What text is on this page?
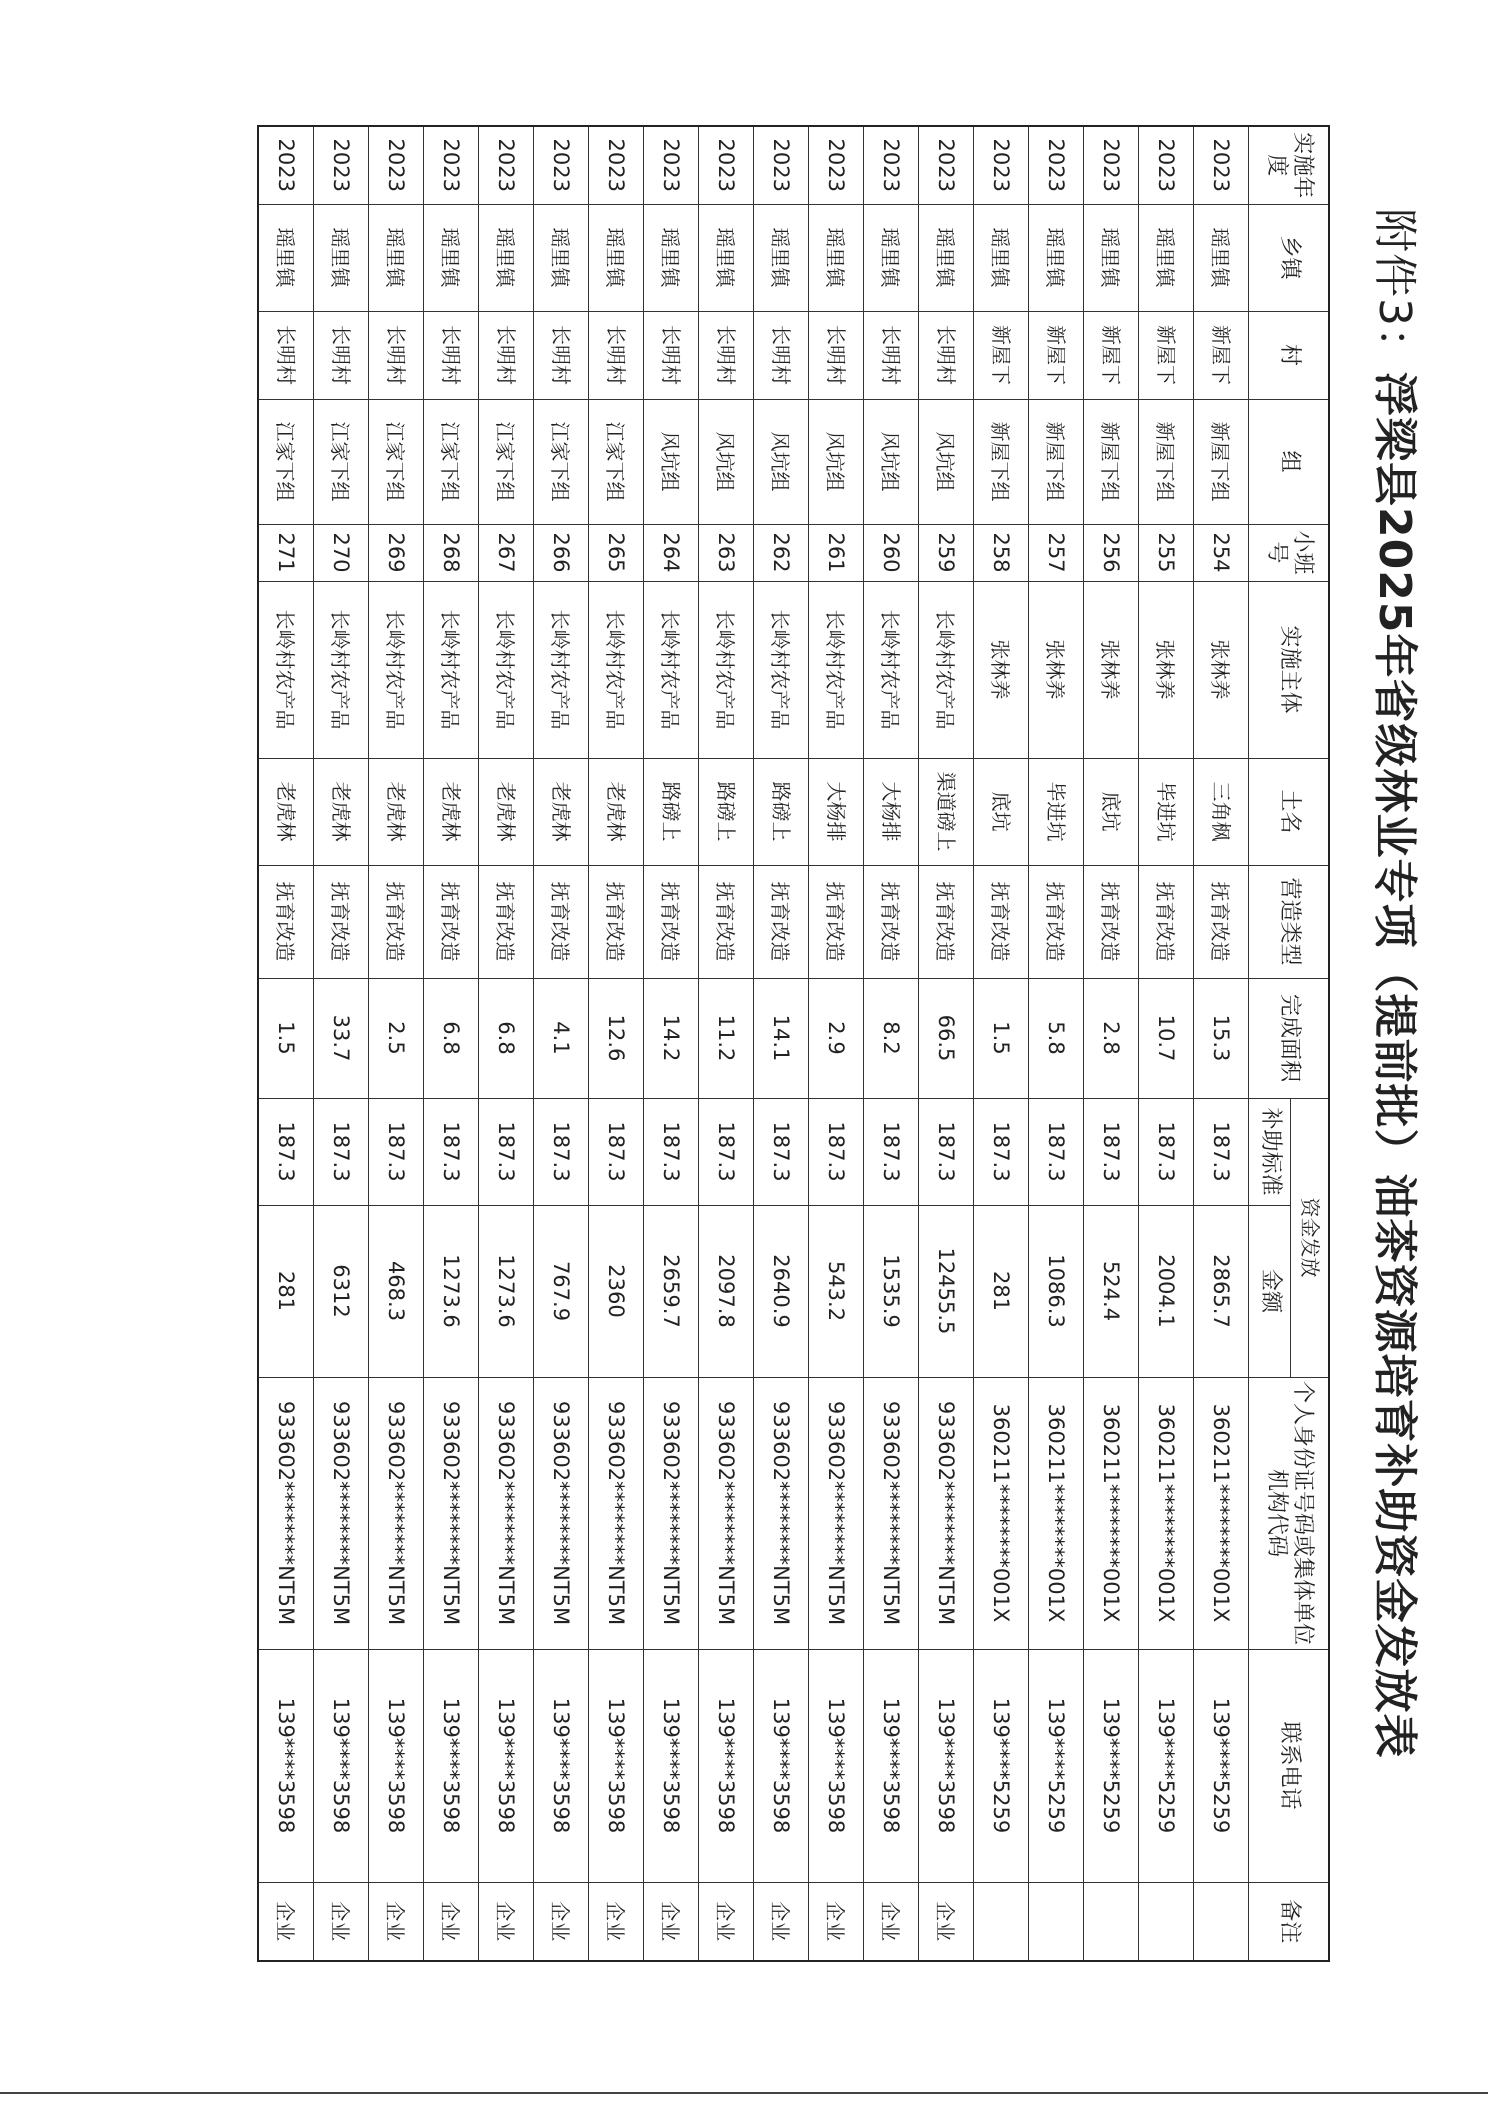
附件3：浮梁县2025年省级林业专项（提前批）油茶资源培育补助资金发放表
实施年度	乡镇	村	组	小班号	实施主体	土名	营造类型	完成面积	资金发放		个人身份证号码或集体单位机构代码	联系电话	备注
									补助标准	金额			
2023	瑶里镇	新屋下	新屋下组	254	张林养	三角枫	抚育改造	15.3	187.3	2865.7	360211********001X	139****5259	
2023	瑶里镇	新屋下	新屋下组	255	张林养	毕进坑	抚育改造	10.7	187.3	2004.1	360211********001X	139****5259	
2023	瑶里镇	新屋下	新屋下组	256	张林养	底坑	抚育改造	2.8	187.3	524.4	360211********001X	139****5259	
2023	瑶里镇	新屋下	新屋下组	257	张林养	毕进坑	抚育改造	5.8	187.3	1086.3	360211********001X	139****5259	
2023	瑶里镇	新屋下	新屋下组	258	张林养	底坑	抚育改造	1.5	187.3	281	360211********001X	139****5259	
2023	瑶里镇	长明村	风坑组	259	长岭村农产品	渠道磅上	抚育改造	66.5	187.3	12455.5	933602********NT5M	139****3598	企业
2023	瑶里镇	长明村	风坑组	260	长岭村农产品	大杨排	抚育改造	8.2	187.3	1535.9	933602********NT5M	139****3598	企业
2023	瑶里镇	长明村	风坑组	261	长岭村农产品	大杨排	抚育改造	2.9	187.3	543.2	933602********NT5M	139****3598	企业
2023	瑶里镇	长明村	风坑组	262	长岭村农产品	路磅上	抚育改造	14.1	187.3	2640.9	933602********NT5M	139****3598	企业
2023	瑶里镇	长明村	风坑组	263	长岭村农产品	路磅上	抚育改造	11.2	187.3	2097.8	933602********NT5M	139****3598	企业
2023	瑶里镇	长明村	风坑组	264	长岭村农产品	路磅上	抚育改造	14.2	187.3	2659.7	933602********NT5M	139****3598	企业
2023	瑶里镇	长明村	江家下组	265	长岭村农产品	老虎林	抚育改造	12.6	187.3	2360	933602********NT5M	139****3598	企业
2023	瑶里镇	长明村	江家下组	266	长岭村农产品	老虎林	抚育改造	4.1	187.3	767.9	933602********NT5M	139****3598	企业
2023	瑶里镇	长明村	江家下组	267	长岭村农产品	老虎林	抚育改造	6.8	187.3	1273.6	933602********NT5M	139****3598	企业
2023	瑶里镇	长明村	江家下组	268	长岭村农产品	老虎林	抚育改造	6.8	187.3	1273.6	933602********NT5M	139****3598	企业
2023	瑶里镇	长明村	江家下组	269	长岭村农产品	老虎林	抚育改造	2.5	187.3	468.3	933602********NT5M	139****3598	企业
2023	瑶里镇	长明村	江家下组	270	长岭村农产品	老虎林	抚育改造	33.7	187.3	6312	933602********NT5M	139****3598	企业
2023	瑶里镇	长明村	江家下组	271	长岭村农产品	老虎林	抚育改造	1.5	187.3	281	933602********NT5M	139****3598	企业
